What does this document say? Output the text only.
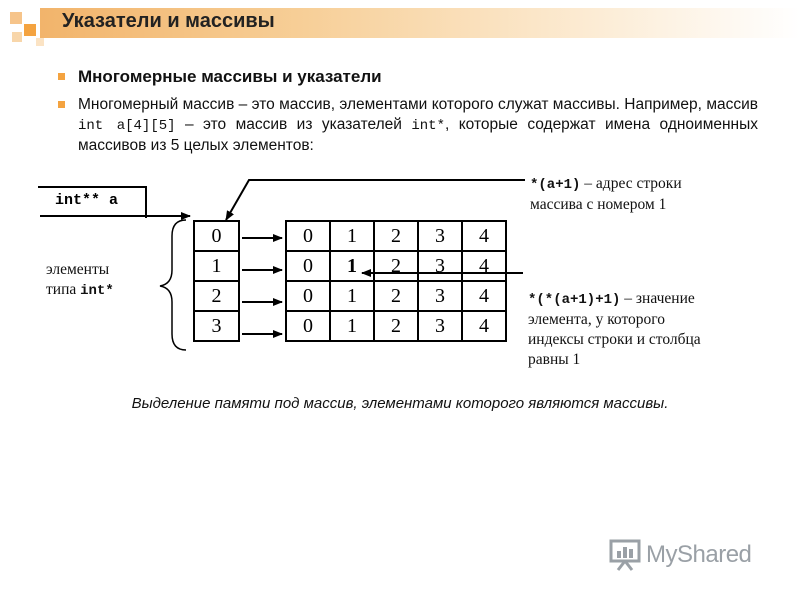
Указатели и массивы
Многомерные массивы и указатели
Многомерный массив – это массив, элементами которого служат массивы. Например, массив int a[4][5] – это массив из указателей int*, которые содержат имена одноименных массивов из 5 целых элементов:
int** a
0
1
2
3
0	1	2	3	4
0	1	2	3	4
0	1	2	3	4
0	1	2	3	4
элементы
типа int*
*(a+1) – адрес строки
массива с номером 1
*(*(a+1)+1) – значение
элемента, у которого
индексы строки и столбца
равны 1
Выделение памяти под массив, элементами которого являются массивы.
MyShared
